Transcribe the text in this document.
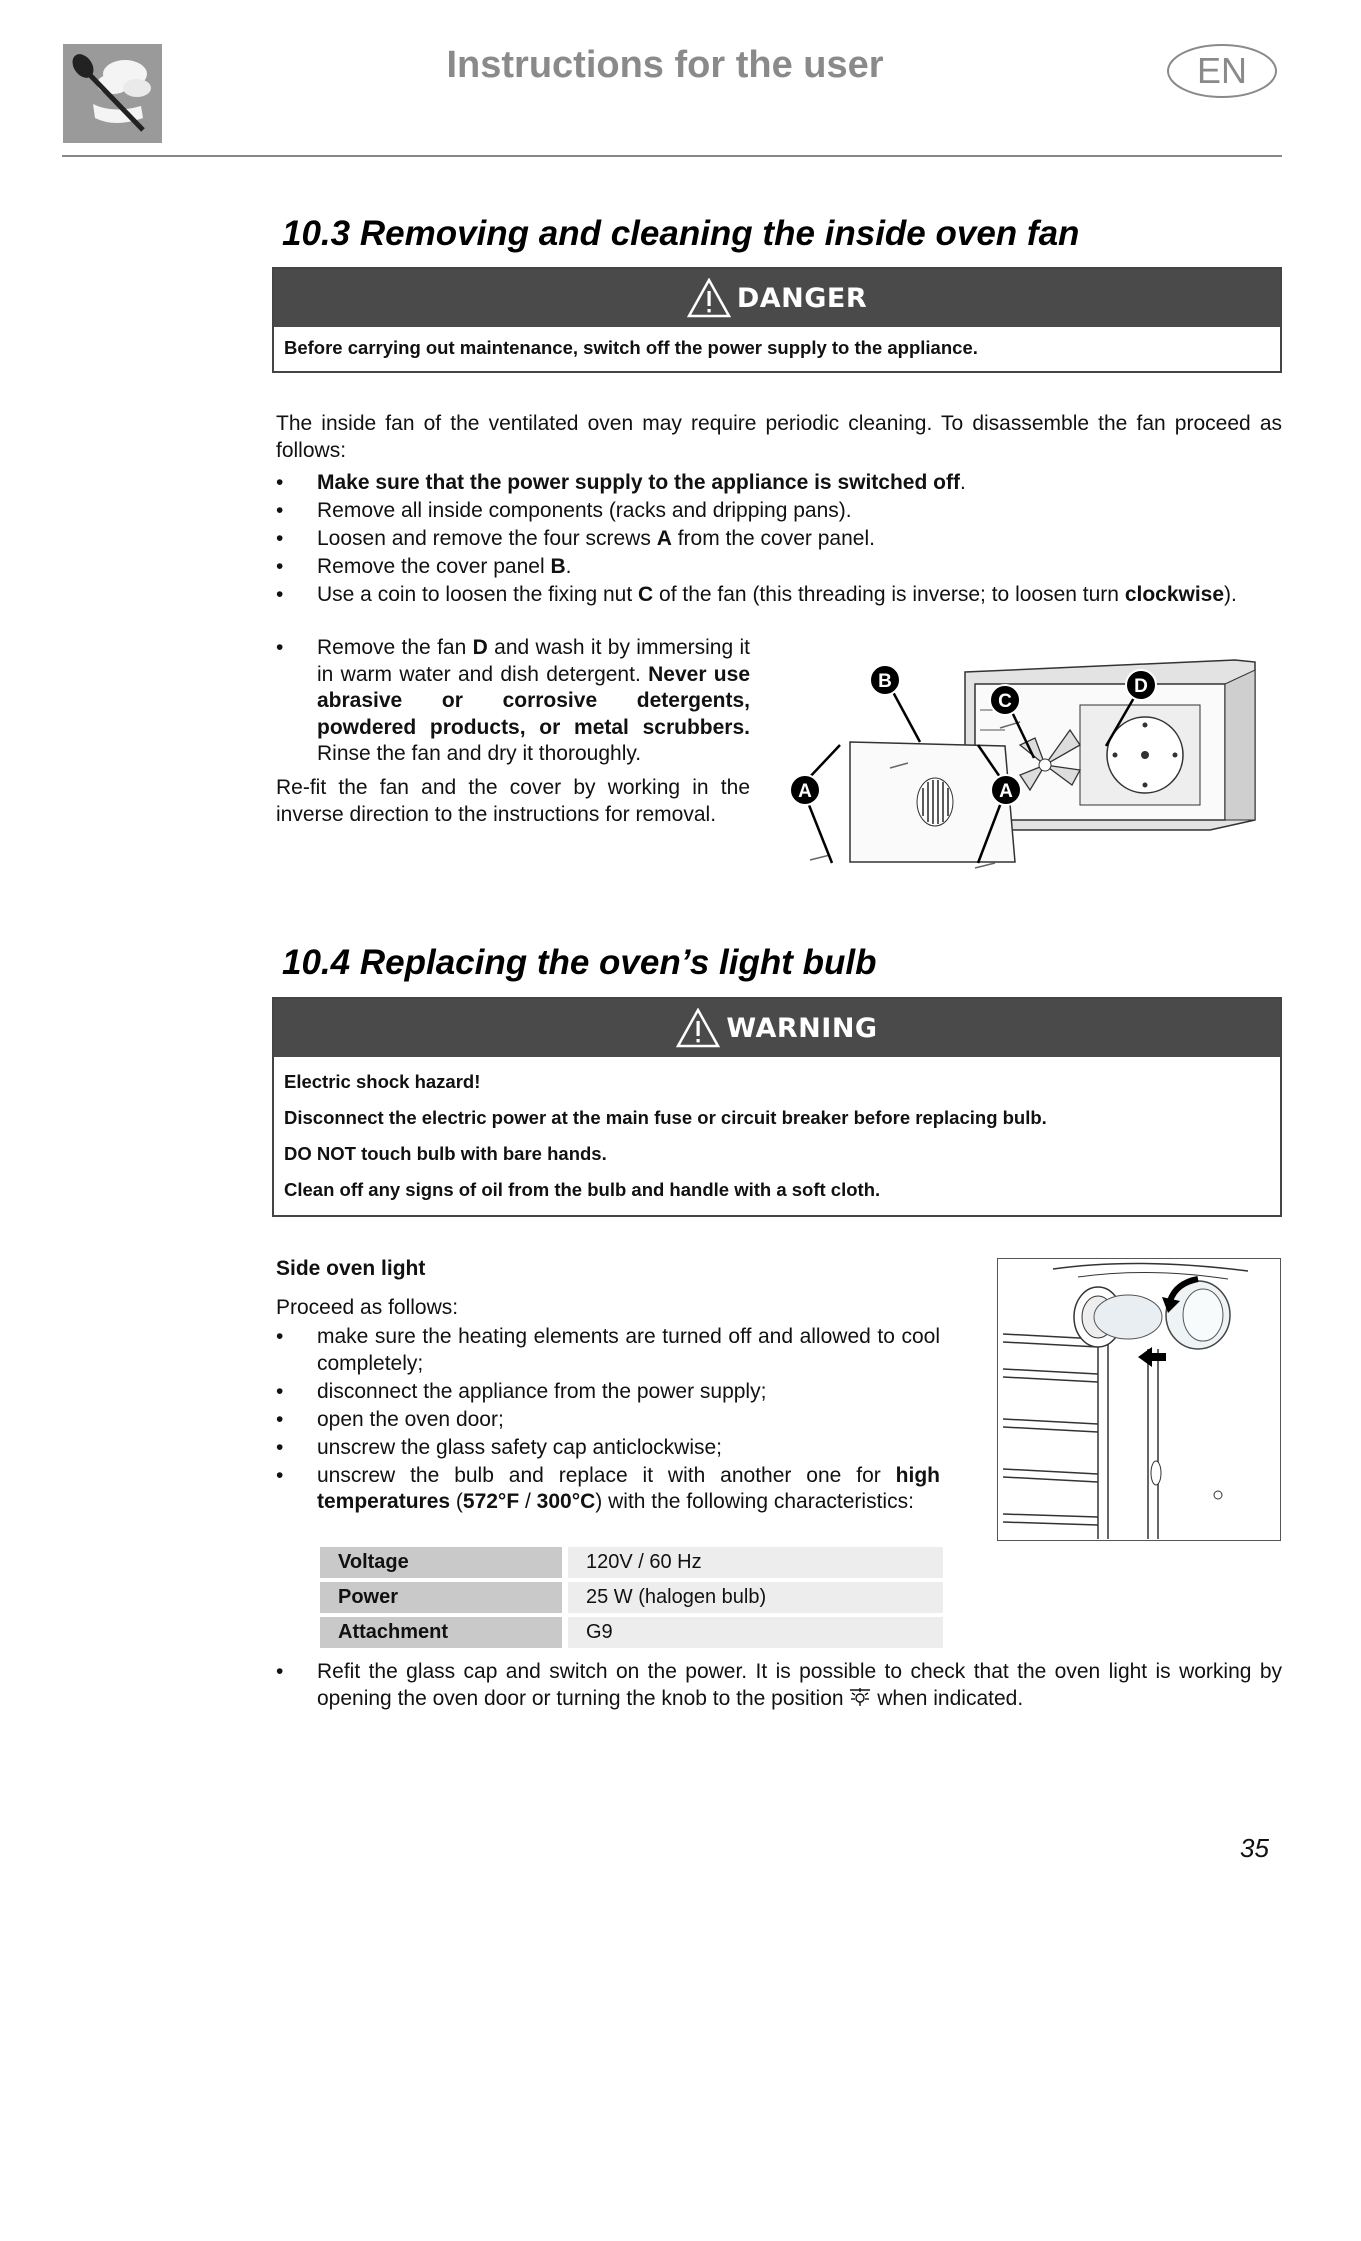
Instructions for the user	EN
10.3 Removing and cleaning the inside oven fan
DANGER

Before carrying out maintenance, switch off the power supply to the appliance.

The inside fan of the ventilated oven may require periodic cleaning. To disassemble the fan proceed as follows:
• Make sure that the power supply to the appliance is switched off.
• Remove all inside components (racks and dripping pans).
• Loosen and remove the four screws A from the cover panel.
• Remove the cover panel B.
• Use a coin to loosen the fixing nut C of the fan (this threading is inverse; to loosen turn clockwise).
• Remove the fan D and wash it by immersing it in warm water and dish detergent. Never use abrasive or corrosive detergents, powdered products, or metal scrubbers. Rinse the fan and dry it thoroughly.
Re-fit the fan and the cover by working in the inverse direction to the instructions for removal.
B
C
D
A	A
10.4 Replacing the oven’s light bulb
WARNING

Electric shock hazard!

Disconnect the electric power at the main fuse or circuit breaker before replacing bulb.

DO NOT touch bulb with bare hands.

Clean off any signs of oil from the bulb and handle with a soft cloth.

Side oven light
Proceed as follows:
• make sure the heating elements are turned off and allowed to cool completely;
• disconnect the appliance from the power supply;
• open the oven door;
• unscrew the glass safety cap anticlockwise;
• unscrew the bulb and replace it with another one for high temperatures (572°F / 300°C) with the following characteristics:
Voltage	120V / 60 Hz
Power	25 W (halogen bulb)
Attachment	G9
• Refit the glass cap and switch on the power. It is possible to check that the oven light is working by opening the oven door or turning the knob to the position  when indicated.
35
